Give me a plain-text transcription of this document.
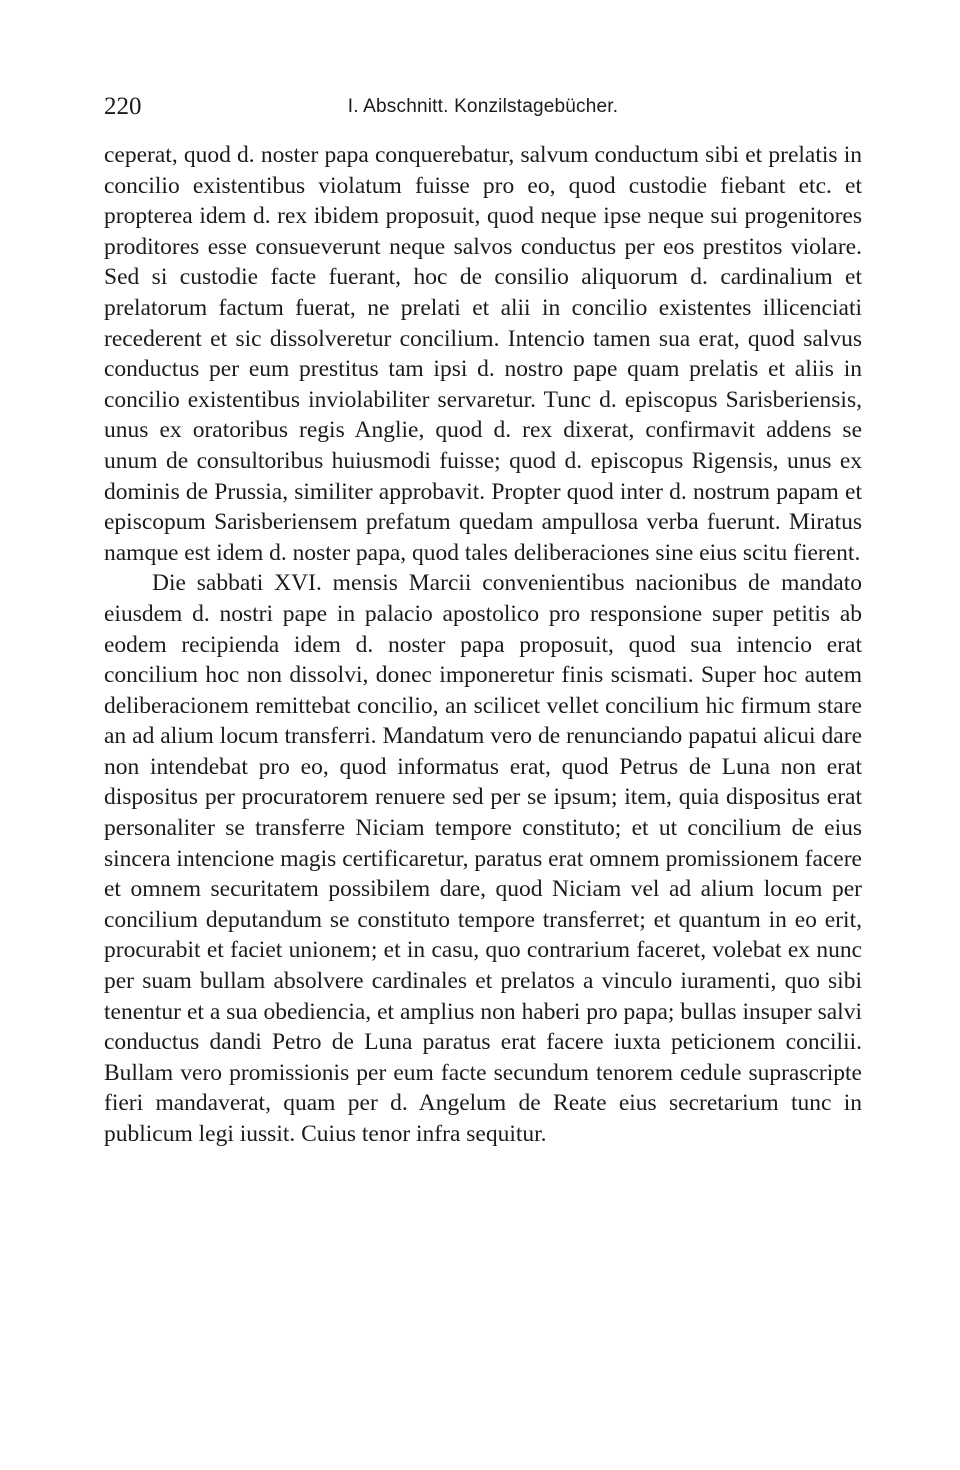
220	I. Abschnitt. Konzilstagebücher.

ceperat, quod d. noster papa conquerebatur, salvum conductum sibi et prelatis in concilio existentibus violatum fuisse pro eo, quod custodie fiebant etc. et propterea idem d. rex ibidem proposuit, quod neque ipse neque sui progenitores proditores esse consueverunt neque salvos conductus per eos prestitos violare. Sed si custodie facte fuerant, hoc de consilio aliquorum d. cardinalium et prelatorum factum fuerat, ne prelati et alii in concilio existentes illicenciati recederent et sic dissolveretur concilium. Intencio tamen sua erat, quod salvus conductus per eum prestitus tam ipsi d. nostro pape quam prelatis et aliis in concilio existentibus inviolabiliter servaretur. Tunc d. episcopus Sarisberiensis, unus ex oratoribus regis Anglie, quod d. rex dixerat, confirmavit addens se unum de consultoribus huiusmodi fuisse; quod d. episcopus Rigensis, unus ex dominis de Prussia, similiter approbavit. Propter quod inter d. nostrum papam et episcopum Sarisberiensem prefatum quedam ampullosa verba fuerunt. Miratus namque est idem d. noster papa, quod tales deliberaciones sine eius scitu fierent.

Die sabbati XVI. mensis Marcii convenientibus nacionibus de mandato eiusdem d. nostri pape in palacio apostolico pro responsione super petitis ab eodem recipienda idem d. noster papa proposuit, quod sua intencio erat concilium hoc non dissolvi, donec imponeretur finis scismati. Super hoc autem deliberacionem remittebat concilio, an scilicet vellet concilium hic firmum stare an ad alium locum transferri. Mandatum vero de renunciando papatui alicui dare non intendebat pro eo, quod informatus erat, quod Petrus de Luna non erat dispositus per procuratorem renuere sed per se ipsum; item, quia dispositus erat personaliter se transferre Niciam tempore constituto; et ut concilium de eius sincera intencione magis certificaretur, paratus erat omnem promissionem facere et omnem securitatem possibilem dare, quod Niciam vel ad alium locum per concilium deputandum se constituto tempore transferret; et quantum in eo erit, procurabit et faciet unionem; et in casu, quo contrarium faceret, volebat ex nunc per suam bullam absolvere cardinales et prelatos a vinculo iuramenti, quo sibi tenentur et a sua obediencia, et amplius non haberi pro papa; bullas insuper salvi conductus dandi Petro de Luna paratus erat facere iuxta peticionem concilii. Bullam vero promissionis per eum facte secundum tenorem cedule suprascripte fieri mandaverat, quam per d. Angelum de Reate eius secretarium tunc in publicum legi iussit. Cuius tenor infra sequitur.
